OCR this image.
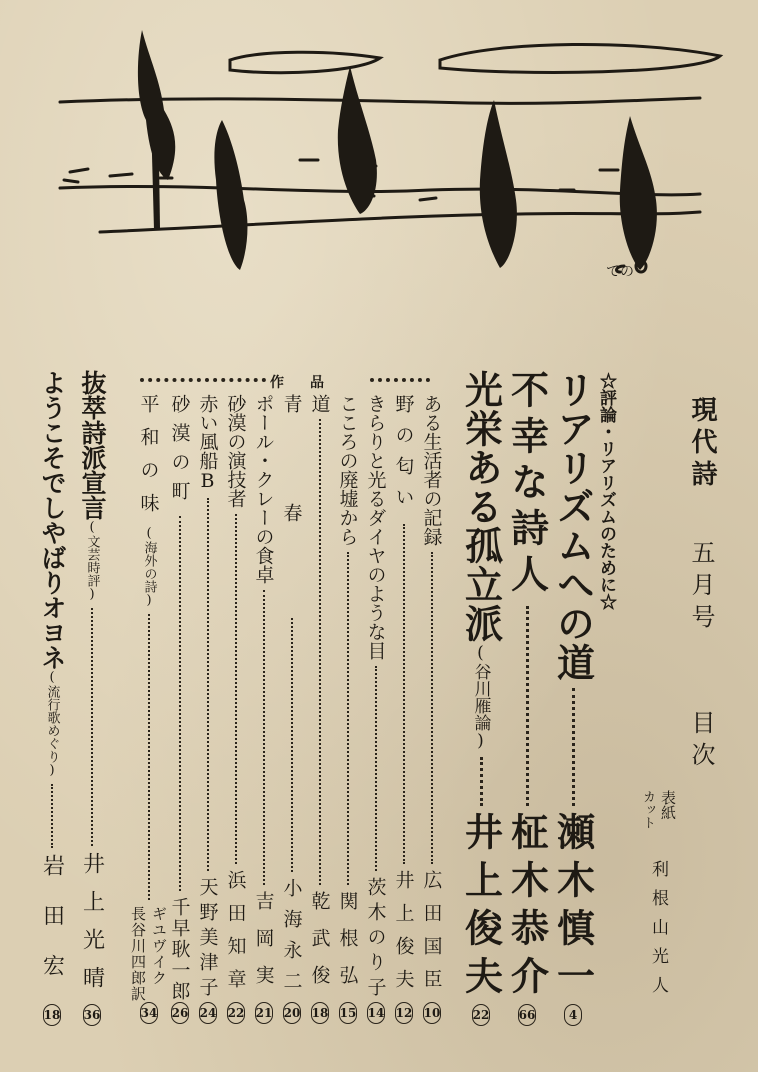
ての
現代詩
五月号
目次
表紙
カット
利根山光人
☆評論・リアリズムのために☆
リアリズムへの道
瀬木慎一
4
不幸な詩人
柾木恭介
66
光栄ある孤立派
(谷川雁論)
井上俊夫
22
作品
ある生活者の記録
広田国臣
10
野の匂い
井上俊夫
12
きらりと光るダイヤのような目
茨木のり子
14
こころの廃墟から
関根弘
15
道
乾武俊
18
青春
小海永二
20
ポール・クレーの食卓
吉岡実
21
砂漠の演技者
浜田知章
22
赤い風船B
天野美津子
24
砂漠の町
千早耿一郎
26
平和の味
(海外の詩)
ギユヴイク
長谷川四郎訳
34
抜萃詩派宣言
(文芸時評)
井上光晴
36
ようこそでしやばりオヨネ
(流行歌めぐり)
岩田宏
18
